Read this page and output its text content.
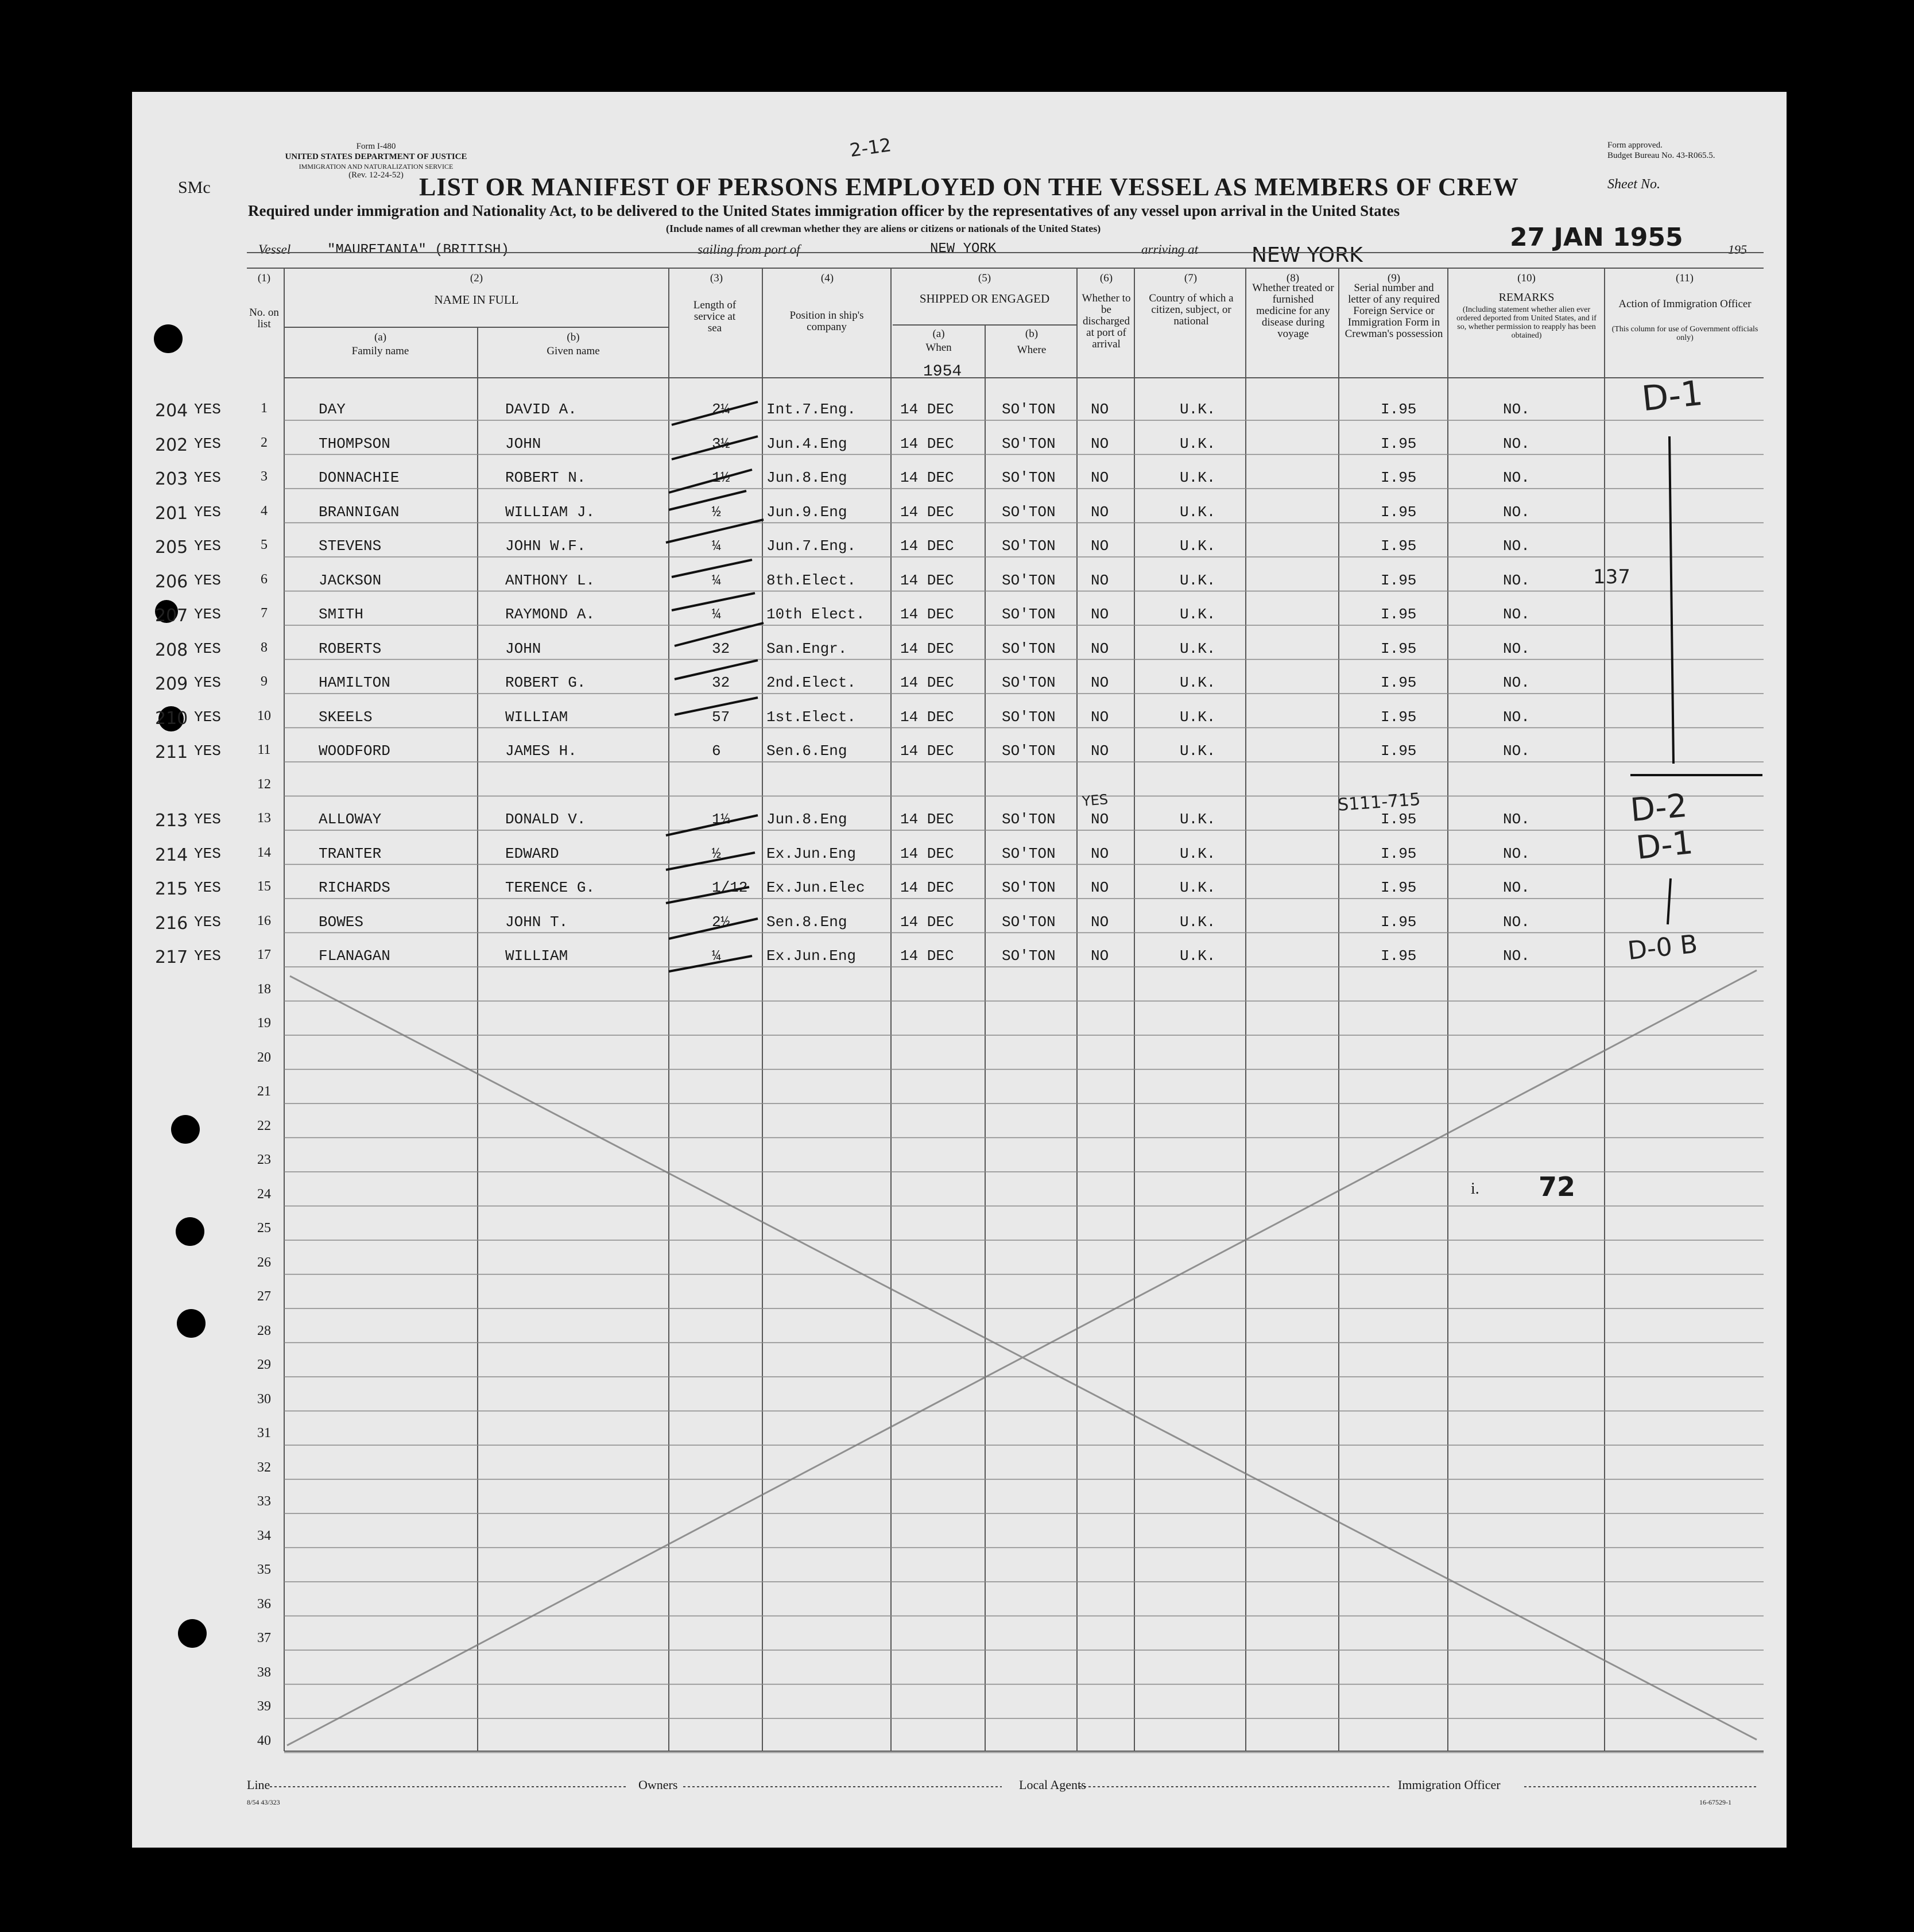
Form I-480
UNITED STATES DEPARTMENT OF JUSTICE
IMMIGRATION AND NATURALIZATION SERVICE
(Rev. 12-24-52)
Form approved.
Budget Bureau No. 43-R065.5.
SMc
2-12
LIST OR MANIFEST OF PERSONS EMPLOYED ON THE VESSEL AS MEMBERS OF CREW	Sheet No.
Required under immigration and Nationality Act, to be delivered to the United States immigration officer by the representatives of any vessel upon arrival in the United States
(Include names of all crewman whether they are aliens or citizens or nationals of the United States)
Vessel	"MAURETANIA" (BRITISH)	sailing from port of	NEW YORK	arriving at	NEW YORK
27 JAN 1955	195
(1)
No. on list
(2)
NAME IN FULL
(a)
Family name
(b)
Given name
(3)
Length of service at sea
(4)
Position in ship's company
(5)
SHIPPED OR ENGAGED
(a)
When
(b)
Where
(6)
Whether to be discharged at port of arrival
(7)
Country of which a citizen, subject, or national
(8)
Whether treated or furnished medicine for any disease during voyage
(9)
Serial number and letter of any required Foreign Service or Immigration Form in Crewman's possession
(10)
REMARKS
(Including statement whether alien ever ordered deported from United States, and if so, whether permission to reapply has been obtained)
(11)
Action of Immigration Officer
(This column for use of Government officials only)
1954
204 YES	1	DAY	DAVID A.	2¼ Int.7.Eng.	14 DEC	SO'TON NO	U.K.	I.95	NO.
202 YES	2	THOMPSON	JOHN	3½ Jun.4.Eng	14 DEC	SO'TON NO	U.K.	I.95	NO.
203 YES	3	DONNACHIE	ROBERT N.	1½ Jun.8.Eng	14 DEC	SO'TON NO	U.K.	I.95	NO.
201 YES	4	BRANNIGAN	WILLIAM J.	½	Jun.9.Eng	14 DEC	SO'TON NO	U.K.	I.95	NO.
205 YES	5	STEVENS	JOHN W.F.	¼	Jun.7.Eng.	14 DEC	SO'TON NO	U.K.	I.95	NO.
206 YES	6	JACKSON	ANTHONY L.	¼	8th.Elect.	14 DEC	SO'TON NO	U.K.	I.95	NO.
207 YES	7	SMITH	RAYMOND A.	¼	10th Elect. 14 DEC	SO'TON NO	U.K.	I.95	NO.
208 YES	8	ROBERTS	JOHN	32 San.Engr.	14 DEC	SO'TON NO	U.K.	I.95	NO.
209 YES	9	HAMILTON	ROBERT G.	32 2nd.Elect.	14 DEC	SO'TON NO	U.K.	I.95	NO.
210 YES	10	SKEELS	WILLIAM	57 1st.Elect.	14 DEC	SO'TON NO	U.K.	I.95	NO.
211 YES	11	WOODFORD	JAMES H.	6	Sen.6.Eng	14 DEC	SO'TON NO	U.K.	I.95	NO.
12
213 YES	13	ALLOWAY	DONALD V.	1½ Jun.8.Eng	14 DEC	SO'TON NO	U.K.	I.95	NO.
214 YES	14	TRANTER	EDWARD	½	Ex.Jun.Eng	14 DEC	SO'TON NO	U.K.	I.95	NO.
215 YES	15	RICHARDS	TERENCE G.	1/12 Ex.Jun.Elec 14 DEC	SO'TON NO	U.K.	I.95	NO.
216 YES	16	BOWES	JOHN T.	2½ Sen.8.Eng	14 DEC	SO'TON NO	U.K.	I.95	NO.
217 YES	17	FLANAGAN	WILLIAM	¼	Ex.Jun.Eng	14 DEC	SO'TON NO	U.K.	I.95	NO.
18
19
20
21
22
23
24
25
26
27
28
29
30
31
32
33
34
35
36
37
38
39
40
D-1
D-2
D-1
D-0 B
137
YES	S111-715
72
i.
Line	Owners	Local Agents	Immigration Officer
8/54 43/323	16-67529-1
